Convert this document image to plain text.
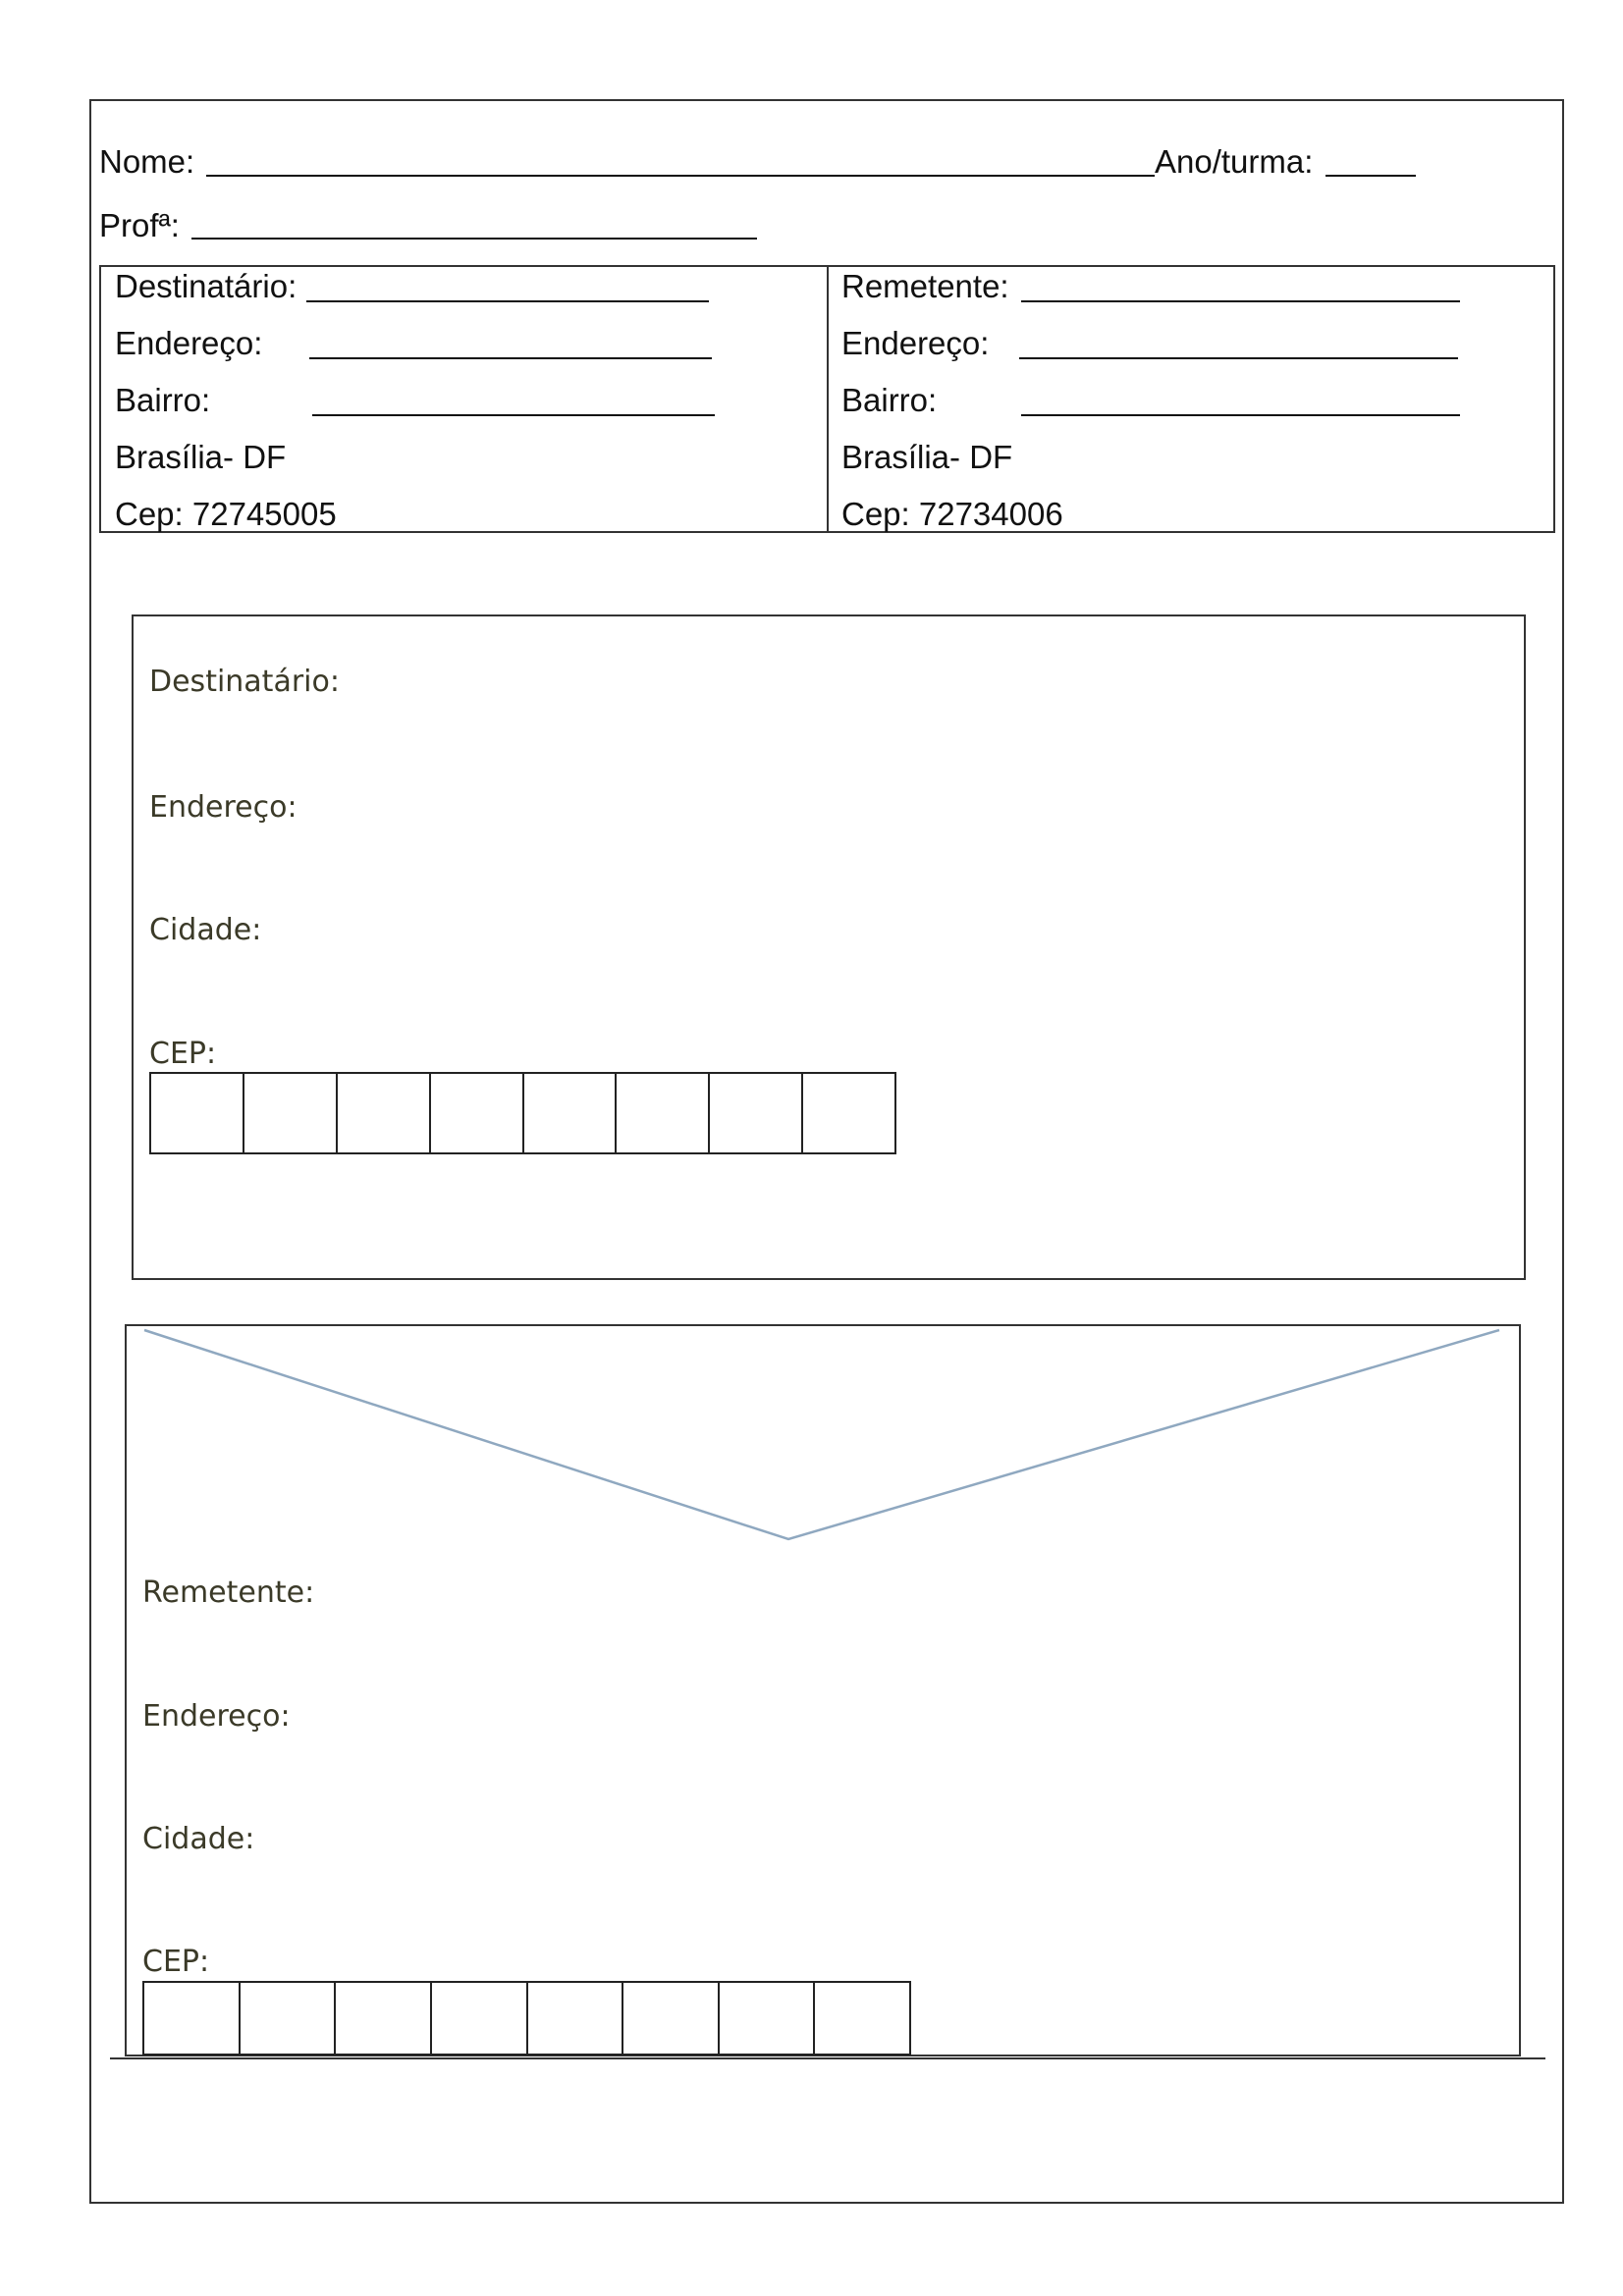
Nome:	Ano/turma:
Profª:
Destinatário:
Endereço:
Bairro:
Brasília- DF
Cep: 72745005
Remetente:
Endereço:
Bairro:
Brasília- DF
Cep: 72734006
Destinatário:
Endereço:
Cidade:
CEP:
Remetente:
Endereço:
Cidade:
CEP:
